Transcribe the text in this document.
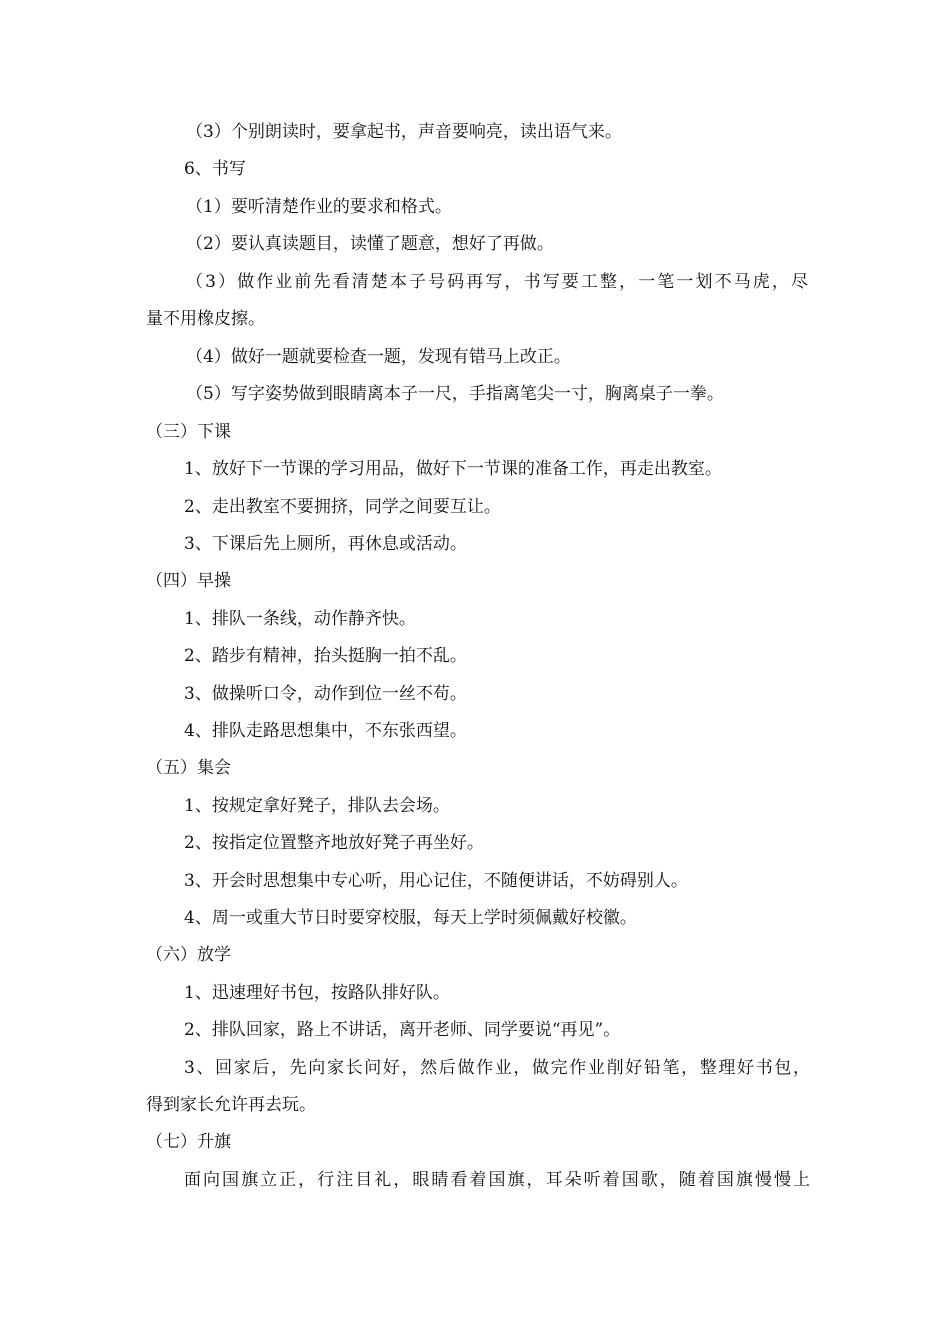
（3）个别朗读时，要拿起书，声音要响亮，读出语气来。
6、书写
（1）要听清楚作业的要求和格式。
（2）要认真读题目，读懂了题意，想好了再做。
（3）做作业前先看清楚本子号码再写，书写要工整，一笔一划不马虎，尽
量不用橡皮擦。
（4）做好一题就要检查一题，发现有错马上改正。
（5）写字姿势做到眼睛离本子一尺，手指离笔尖一寸，胸离桌子一拳。
（三）下课
1、放好下一节课的学习用品，做好下一节课的准备工作，再走出教室。
2、走出教室不要拥挤，同学之间要互让。
3、下课后先上厕所，再休息或活动。
（四）早操
1、排队一条线，动作静齐快。
2、踏步有精神，抬头挺胸一拍不乱。
3、做操听口令，动作到位一丝不苟。
4、排队走路思想集中，不东张西望。
（五）集会
1、按规定拿好凳子，排队去会场。
2、按指定位置整齐地放好凳子再坐好。
3、开会时思想集中专心听，用心记住，不随便讲话，不妨碍别人。
4、周一或重大节日时要穿校服，每天上学时须佩戴好校徽。
（六）放学
1、迅速理好书包，按路队排好队。
2、排队回家，路上不讲话，离开老师、同学要说“再见”。
3、回家后，先向家长问好，然后做作业，做完作业削好铅笔，整理好书包，
得到家长允许再去玩。
（七）升旗
面向国旗立正，行注目礼，眼睛看着国旗，耳朵听着国歌，随着国旗慢慢上
